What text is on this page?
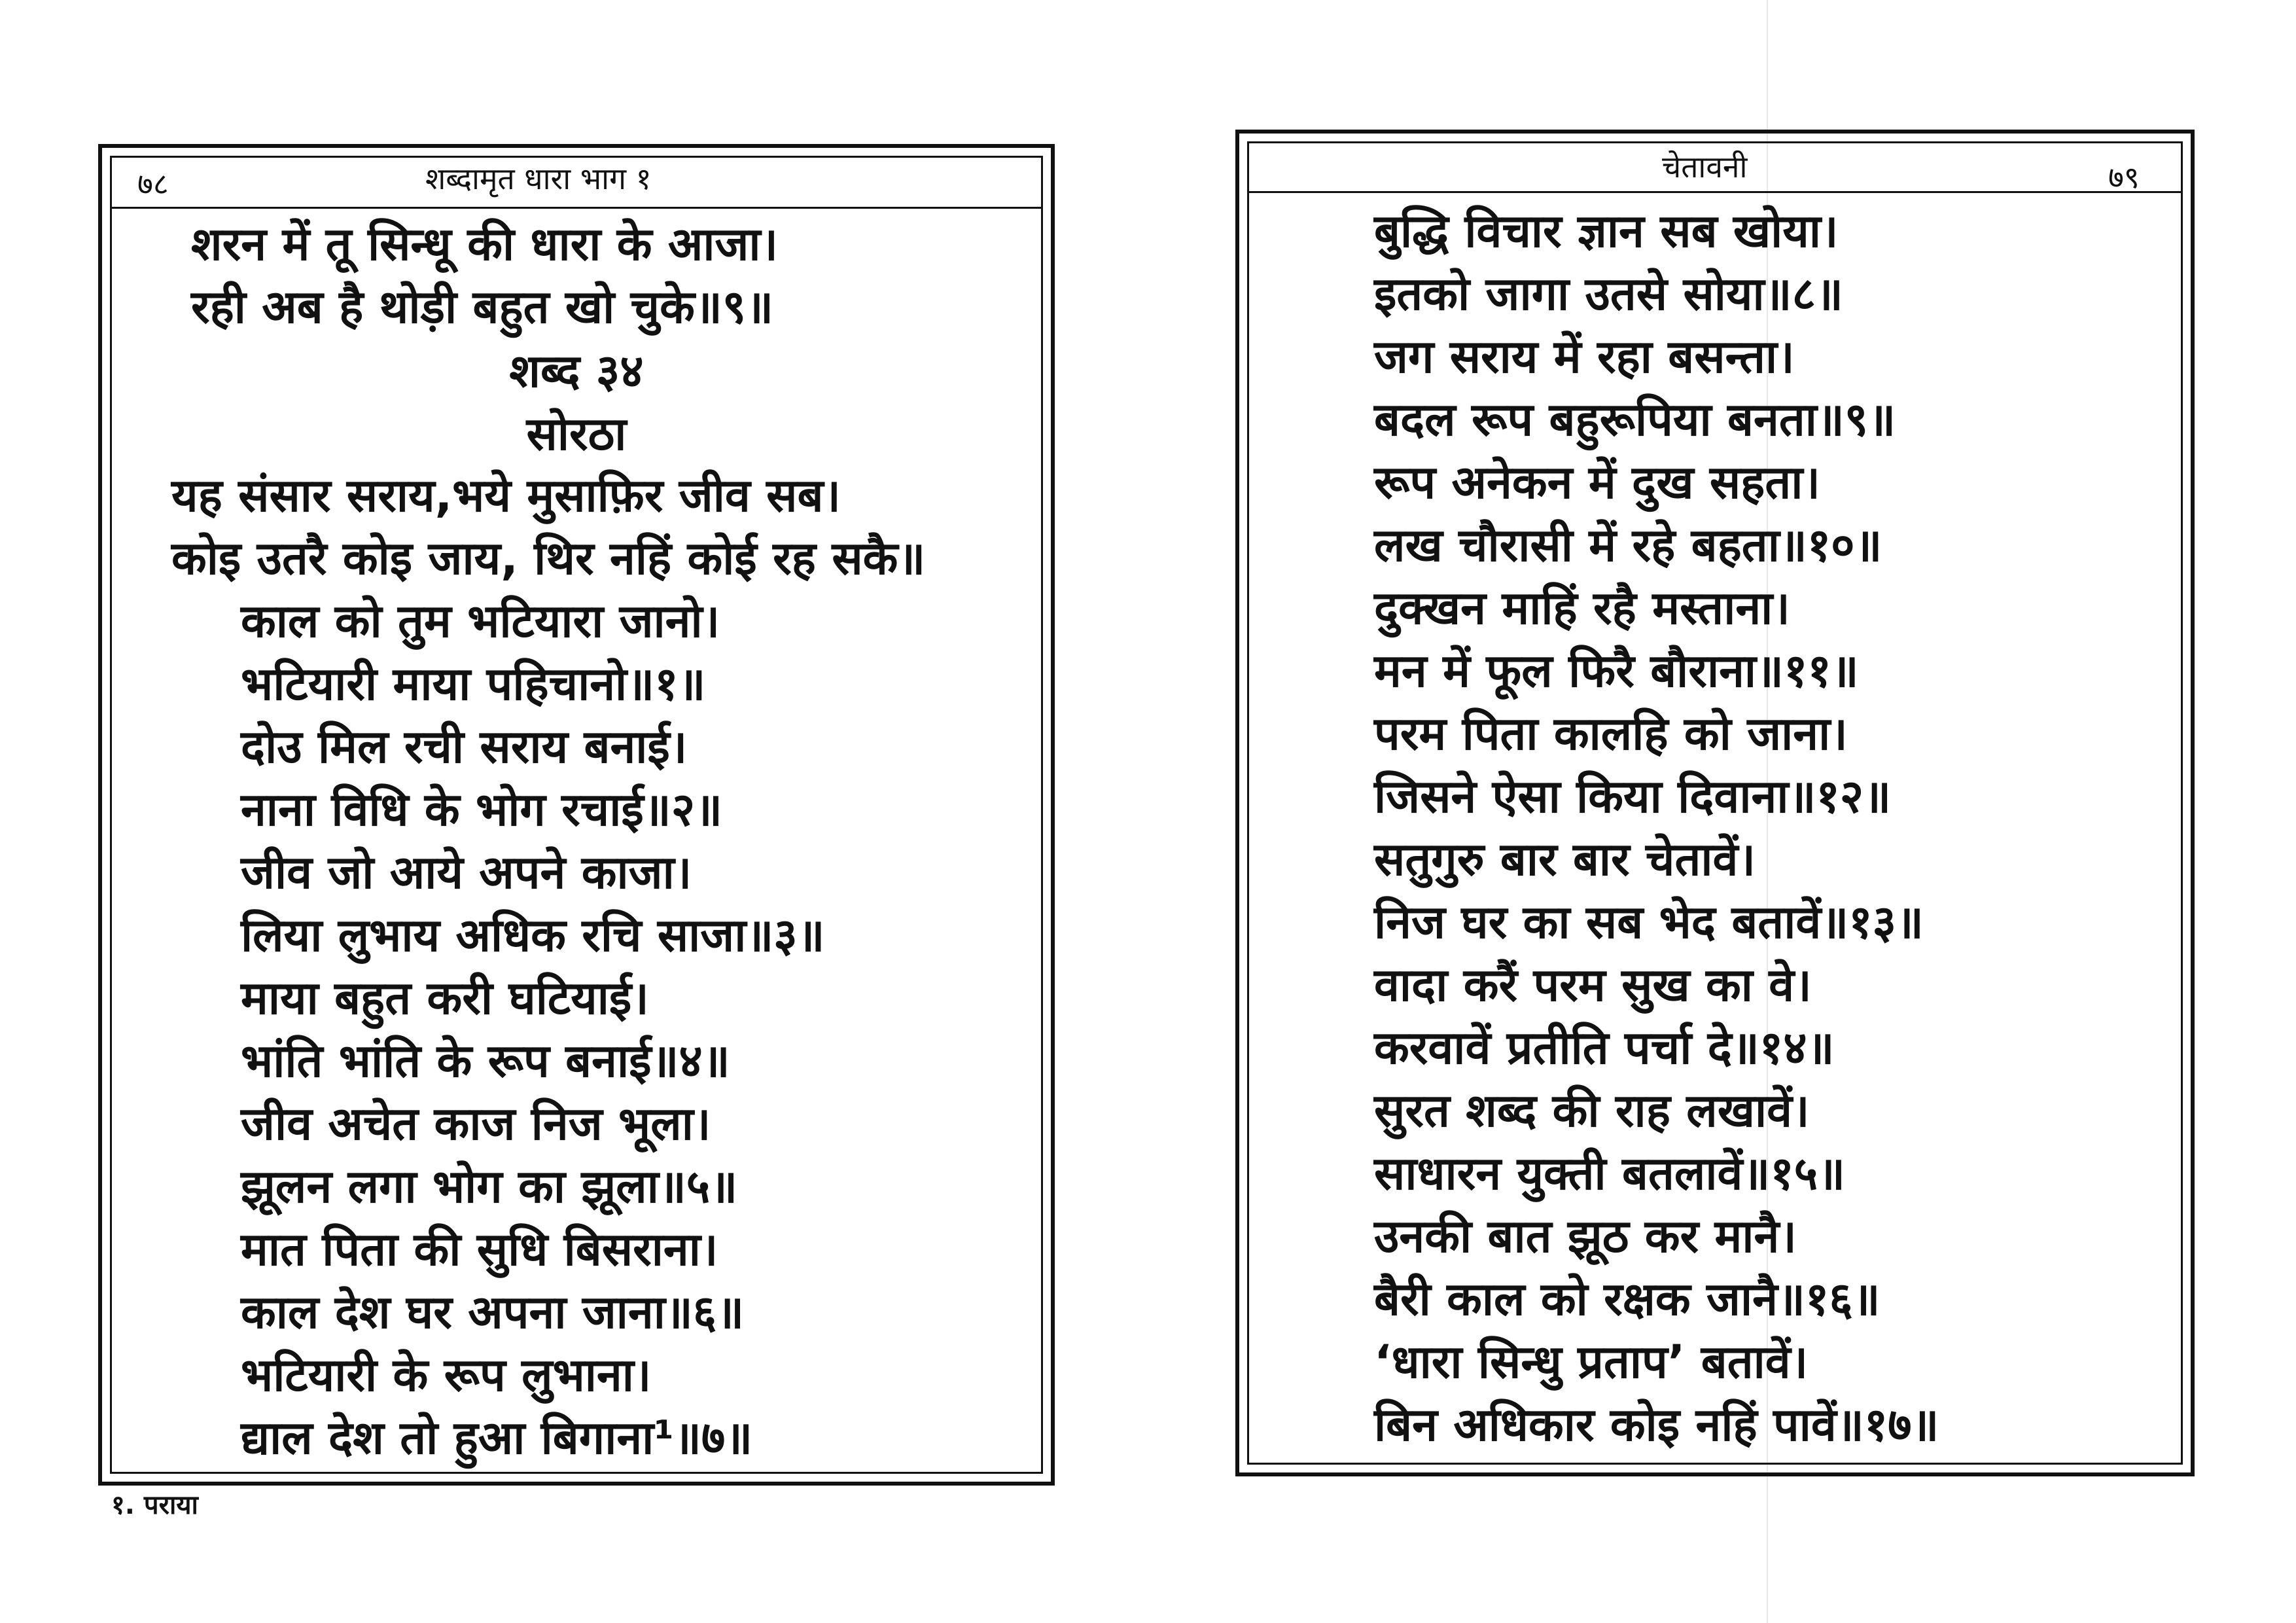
७८	शब्दामृत धारा भाग १
शरन में तू सिन्धू की धारा के आजा।
रही अब है थोड़ी बहुत खो चुके॥९॥
शब्द ३४
सोरठा
यह संसार सराय,भये मुसाफ़िर जीव सब।
कोइ उतरै कोइ जाय, थिर नहिं कोई रह सकै॥
काल को तुम भटियारा जानो।
भटियारी माया पहिचानो॥१॥
दोउ मिल रची सराय बनाई।
नाना विधि के भोग रचाई॥२॥
जीव जो आये अपने काजा।
लिया लुभाय अधिक रचि साजा॥३॥
माया बहुत करी घटियाई।
भांति भांति के रूप बनाई॥४॥
जीव अचेत काज निज भूला।
झूलन लगा भोग का झूला॥५॥
मात पिता की सुधि बिसराना।
काल देश घर अपना जाना॥६॥
भटियारी के रूप लुभाना।
द्याल देश तो हुआ बिगाना¹॥७॥
१. पराया
चेतावनी	७९
बुद्धि विचार ज्ञान सब खोया।
इतको जागा उतसे सोया॥८॥
जग सराय में रहा बसन्ता।
बदल रूप बहुरूपिया बनता॥९॥
रूप अनेकन में दुख सहता।
लख चौरासी में रहे बहता॥१०॥
दुक्खन माहिं रहै मस्ताना।
मन में फूल फिरै बौराना॥११॥
परम पिता कालहि को जाना।
जिसने ऐसा किया दिवाना॥१२॥
सतुगुरु बार बार चेतावें।
निज घर का सब भेद बतावें॥१३॥
वादा करैं परम सुख का वे।
करवावें प्रतीति पर्चा दे॥१४॥
सुरत शब्द की राह लखावें।
साधारन युक्ती बतलावें॥१५॥
उनकी बात झूठ कर मानै।
बैरी काल को रक्षक जानै॥१६॥
‘धारा सिन्धु प्रताप’ बतावें।
बिन अधिकार कोइ नहिं पावें॥१७॥
